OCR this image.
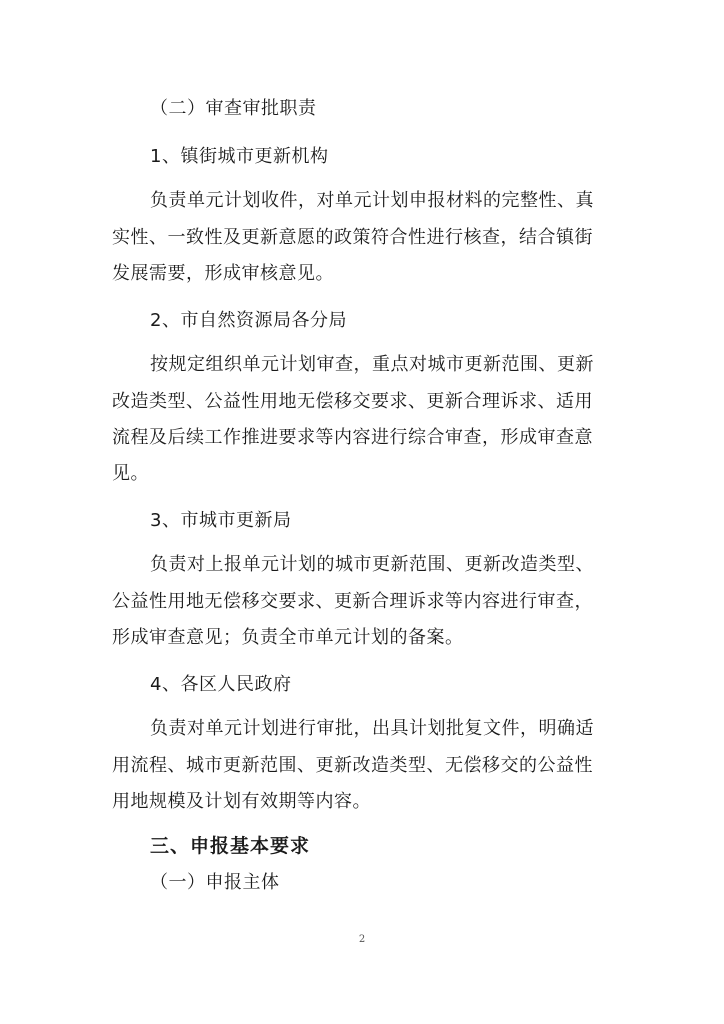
（二）审查审批职责
1、镇街城市更新机构
负责单元计划收件，对单元计划申报材料的完整性、真
实性、一致性及更新意愿的政策符合性进行核查，结合镇街
发展需要，形成审核意见。
2、市自然资源局各分局
按规定组织单元计划审查，重点对城市更新范围、更新
改造类型、公益性用地无偿移交要求、更新合理诉求、适用
流程及后续工作推进要求等内容进行综合审查，形成审查意
见。
3、市城市更新局
负责对上报单元计划的城市更新范围、更新改造类型、
公益性用地无偿移交要求、更新合理诉求等内容进行审查，
形成审查意见；负责全市单元计划的备案。
4、各区人民政府
负责对单元计划进行审批，出具计划批复文件，明确适
用流程、城市更新范围、更新改造类型、无偿移交的公益性
用地规模及计划有效期等内容。
三、申报基本要求
（一）申报主体
2
